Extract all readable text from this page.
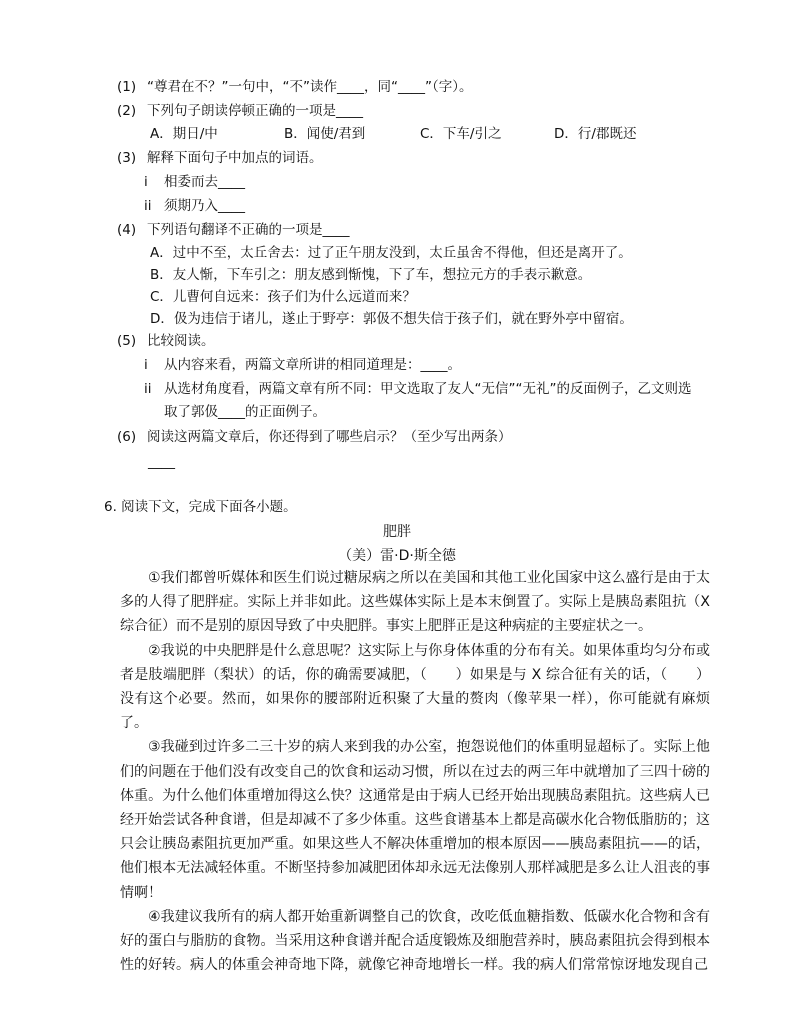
(1) “尊君在不？”一句中，“不”读作____，同“____”（字）。
(2) 下列句子朗读停顿正确的一项是____
A．期日/中	B．闻使/君到	C．下车/引之	D．行/郡既还
(3) 解释下面句子中加点的词语。
i 相委而去____
ii 须期乃入____
(4) 下列语句翻译不正确的一项是____
A．过中不至，太丘舍去：过了正午朋友没到，太丘虽舍不得他，但还是离开了。
B．友人惭，下车引之：朋友感到惭愧，下了车，想拉元方的手表示歉意。
C．儿曹何自远来：孩子们为什么远道而来？
D．伋为违信于诸儿，遂止于野亭：郭伋不想失信于孩子们，就在野外亭中留宿。
(5) 比较阅读。
i 从内容来看，两篇文章所讲的相同道理是：____。
ii 从选材角度看，两篇文章有所不同：甲文选取了友人“无信”“无礼”的反面例子，乙文则选
取了郭伋____的正面例子。
(6) 阅读这两篇文章后，你还得到了哪些启示？（至少写出两条）
____
6. 阅读下文，完成下面各小题。
肥胖
（美）雷·D·斯全德

①我们都曾听媒体和医生们说过糖尿病之所以在美国和其他工业化国家中这么盛行是由于太多的人得了肥胖症。实际上并非如此。这些媒体实际上是本末倒置了。实际上是胰岛素阻抗（X综合征）而不是别的原因导致了中央肥胖。事实上肥胖正是这种病症的主要症状之一。

②我说的中央肥胖是什么意思呢？这实际上与你身体体重的分布有关。如果体重均匀分布或者是肢端肥胖（梨状）的话，你的确需要减肥，（　　）如果是与 X 综合征有关的话，（　　）没有这个必要。然而，如果你的腰部附近积聚了大量的赘肉（像苹果一样），你可能就有麻烦了。

③我碰到过许多二三十岁的病人来到我的办公室，抱怨说他们的体重明显超标了。实际上他们的问题在于他们没有改变自己的饮食和运动习惯，所以在过去的两三年中就增加了三四十磅的体重。为什么他们体重增加得这么快？这通常是由于病人已经开始出现胰岛素阻抗。这些病人已经开始尝试各种食谱，但是却减不了多少体重。这些食谱基本上都是高碳水化合物低脂肪的；这只会让胰岛素阻抗更加严重。如果这些人不解决体重增加的根本原因——胰岛素阻抗——的话，他们根本无法减轻体重。不断坚持参加减肥团体却永远无法像别人那样减肥是多么让人沮丧的事情啊！

④我建议我所有的病人都开始重新调整自己的饮食，改吃低血糖指数、低碳水化合物和含有好的蛋白与脂肪的食物。当采用这种食谱并配合适度锻炼及细胞营养时，胰岛素阻抗会得到根本性的好转。病人的体重会神奇地下降，就像它神奇地增长一样。我的病人们常常惊讶地发现自己
